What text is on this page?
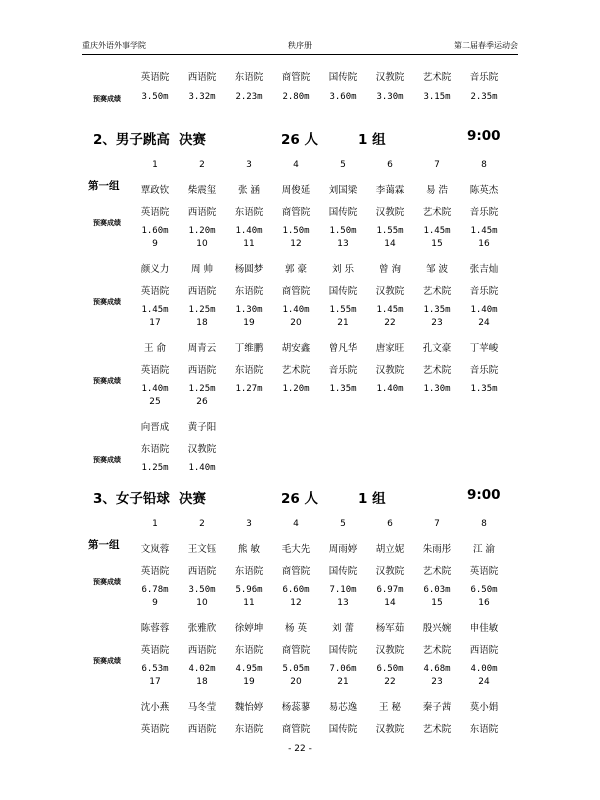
重庆外语外事学院	秩序册	第二届春季运动会
英语院	西语院	东语院	商管院	国传院	汉教院	艺术院	音乐院
预赛成绩	3.50m	3.32m	2.23m	2.80m	3.60m	3.30m	3.15m	2.35m
2、男子跳高 决赛	26 人	1 组	9:00
1	2	3	4	5	6	7	8
第一组	覃政钦	柴震玺	张 涵	周俊延	刘国梁	李蔼霖	易 浩	陈英杰
英语院	西语院	东语院	商管院	国传院	汉教院	艺术院	音乐院
预赛成绩
1.60m	1.20m	1.40m	1.50m	1.50m	1.55m	1.45m	1.45m
9	10	11	12	13	14	15	16
颜义力	周 帅	杨圆梦	郭 豪	刘 乐	曾 洵	邹 波	张吉灿
英语院	西语院	东语院	商管院	国传院	汉教院	艺术院	音乐院
预赛成绩
1.45m	1.25m	1.30m	1.40m	1.55m	1.45m	1.35m	1.40m
17	18	19	20	21	22	23	24
王 俞	周青云	丁维鹏	胡安鑫	曾凡华	唐家旺	孔文豪	丁苹峻
英语院	西语院	东语院	艺术院	音乐院	汉教院	艺术院	音乐院
预赛成绩
1.40m	1.25m	1.27m	1.20m	1.35m	1.40m	1.30m	1.35m
25	26
向晋成	黄子阳
东语院	汉教院
预赛成绩
1.25m	1.40m
3、女子铅球 决赛	26 人	1 组	9:00
1	2	3	4	5	6	7	8
第一组	文岚蓉	王文钰	熊 敏	毛大先	周雨婷	胡立妮	朱雨彤	江 渝
英语院	西语院	东语院	商管院	国传院	汉教院	艺术院	英语院
预赛成绩
6.78m	3.50m	5.96m	6.60m	7.10m	6.97m	6.03m	6.50m
9	10	11	12	13	14	15	16
陈蓉蓉	张雅欣	徐婷坤	杨 英	刘 蕾	杨军茹	殷兴婉	申佳敏
英语院	西语院	东语院	商管院	国传院	汉教院	艺术院	西语院
预赛成绩
6.53m	4.02m	4.95m	5.05m	7.06m	6.50m	4.68m	4.00m
17	18	19	20	21	22	23	24
沈小燕	马冬莹	魏怡婷	杨蕊蓼	易芯逸	王 秘	秦子茜	莫小娟
英语院	西语院	东语院	商管院	国传院	汉教院	艺术院	东语院
- 22 -
